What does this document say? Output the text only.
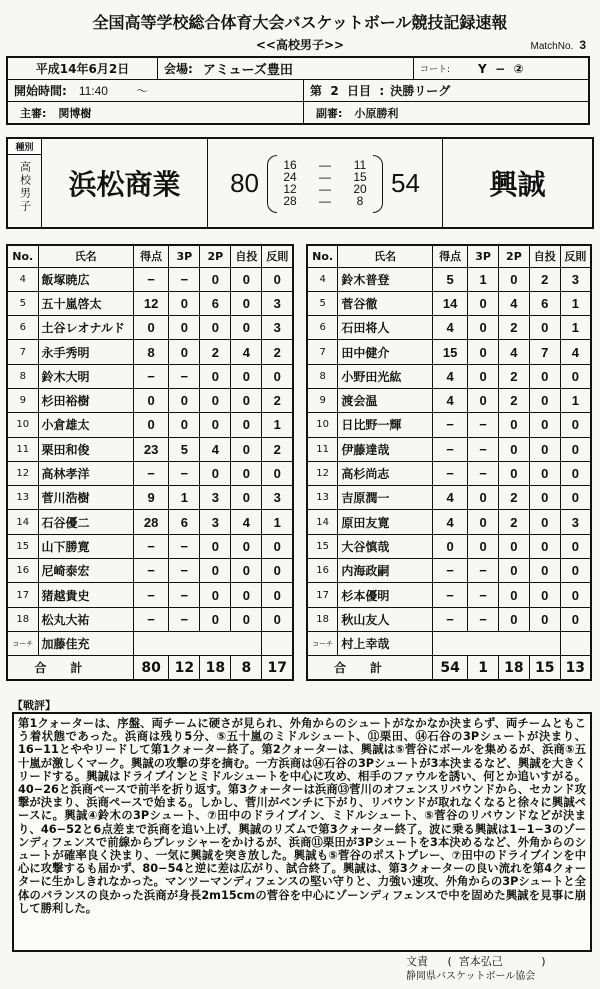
全国高等学校総合体育大会バスケットボール競技記録速報
<<高校男子>>	MatchNo. 3
平成14年6月2日	会場: アミューズ豊田	コート: Y  −  ②
開始時間: 11:40 〜	第  2  日目  : 決勝リーグ
主審: 関博樹	副審: 小原勝利
種別
高校男子	浜松商業	80
16	—	11
24	—	15
12	—	20
28	—	8
54	興誠
No.	氏名	得点	3P	2P	自投	反則
4	飯塚暁広	−	−	0	0	0
5	五十嵐啓太	12	0	6	0	3
6	土谷レオナルド	0	0	0	0	3
7	永手秀明	8	0	2	4	2
8	鈴木大明	−	−	0	0	0
9	杉田裕樹	0	0	0	0	2
10	小倉雄太	0	0	0	0	1
11	栗田和俊	23	5	4	0	2
12	高林孝洋	−	−	0	0	0
13	菅川浩樹	9	1	3	0	3
14	石谷優二	28	6	3	4	1
15	山下勝寛	−	−	0	0	0
16	尼崎泰宏	−	−	0	0	0
17	猪越貴史	−	−	0	0	0
18	松丸大祐	−	−	0	0	0
コーチ	加藤佳充					
合計		80	12	18	8	17
No.	氏名	得点	3P	2P	自投	反則
4	鈴木普登	5	1	0	2	3
5	菅谷徹	14	0	4	6	1
6	石田将人	4	0	2	0	1
7	田中健介	15	0	4	7	4
8	小野田光紘	4	0	2	0	0
9	渡会温	4	0	2	0	1
10	日比野一輝	−	−	0	0	0
11	伊藤達哉	−	−	0	0	0
12	高杉尚志	−	−	0	0	0
13	吉原潤一	4	0	2	0	0
14	原田友寛	4	0	2	0	3
15	大谷慎哉	0	0	0	0	0
16	内海政嗣	−	−	0	0	0
17	杉本優明	−	−	0	0	0
18	秋山友人	−	−	0	0	0
コーチ	村上幸哉					
合計		54	1	18	15	13
【戦評】
第1クォーターは、序盤、両チームに硬さが見られ、外角からのシュートがなかなか決まらず、両チームともこう着状態であった。浜商は残り5分、⑤五十嵐のミドルシュート、⑪栗田、⑭石谷の3Pシュートが決まり、16−11とややリードして第1クォーター終了。第2クォーターは、興誠は⑤菅谷にボールを集めるが、浜商⑤五十嵐が激しくマーク。興誠の攻撃の芽を摘む。一方浜商は⑭石谷の3Pシュートが3本決まるなど、興誠を大きくリードする。興誠はドライブインとミドルシュートを中心に攻め、相手のファウルを誘い、何とか追いすがる。40−26と浜商ペースで前半を折り返す。第3クォーターは浜商⑬菅川のオフェンスリバウンドから、セカンド攻撃が決まり、浜商ペースで始まる。しかし、菅川がベンチに下がり、リバウンドが取れなくなると徐々に興誠ペースに。興誠④鈴木の3Pシュート、⑦田中のドライブイン、ミドルシュート、⑤菅谷のリバウンドなどが決まり、46−52と6点差まで浜商を追い上げ、興誠のリズムで第3クォーター終了。波に乗る興誠は1−1−3のゾーンディフェンスで前線からプレッシャーをかけるが、浜商⑪栗田が3Pシュートを3本決めるなど、外角からのシュートが確率良く決まり、一気に興誠を突き放した。興誠も⑤菅谷のポストプレー、⑦田中のドライブインを中心に攻撃するも届かず、80−54と逆に差は広がり、試合終了。興誠は、第3クォーターの良い流れを第4クォーターに生かしきれなかった。マンツーマンディフェンスの堅い守りと、力強い速攻、外角からの3Pシュートと全体のバランスの良かった浜商が身長2m15cmの菅谷を中心にゾーンディフェンスで中を固めた興誠を見事に崩して勝利した。
文責 (  宮本弘己           )
静岡県バスケットボール協会
